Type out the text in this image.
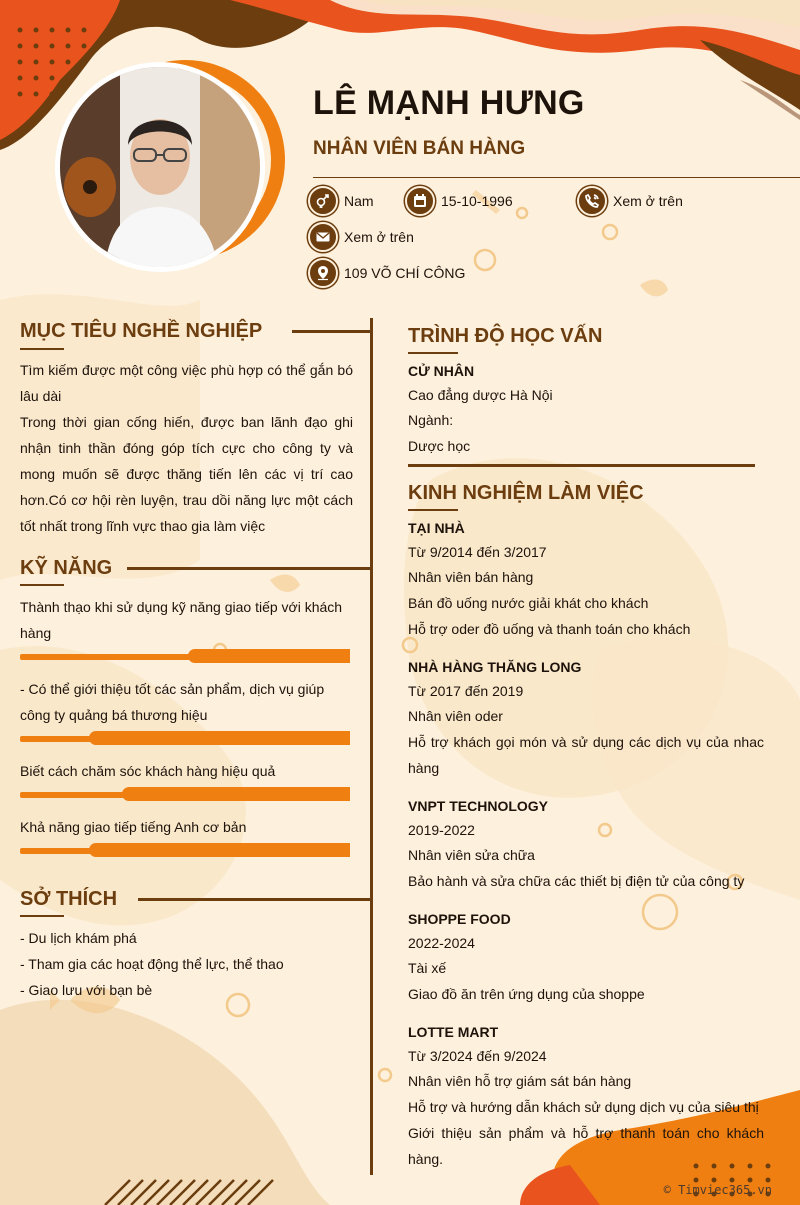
LÊ MẠNH HƯNG
NHÂN VIÊN BÁN HÀNG
Nam	15-10-1996	Xem ở trên
Xem ở trên
109 VÕ CHÍ CÔNG
MỤC TIÊU NGHỀ NGHIỆP
Tìm kiếm được một công việc phù hợp có thể gắn bó lâu dài
Trong thời gian cống hiến, được ban lãnh đạo ghi nhận tinh thần đóng góp tích cực cho công ty và mong muốn sẽ được thăng tiến lên các vị trí cao hơn.Có cơ hội rèn luyện, trau dồi năng lực một cách tốt nhất trong lĩnh vực thao gia làm việc
KỸ NĂNG
Thành thạo khi sử dụng kỹ năng giao tiếp với khách hàng
- Có thể giới thiệu tốt các sản phẩm, dịch vụ giúp công ty quảng bá thương hiệu
Biết cách chăm sóc khách hàng hiệu quả
Khả năng giao tiếp tiếng Anh cơ bản
SỞ THÍCH
- Du lịch khám phá
- Tham gia các hoạt động thể lực, thể thao
- Giao lưu với bạn bè
TRÌNH ĐỘ HỌC VẤN
CỬ NHÂN
Cao đẳng dược Hà Nội
Ngành:
Dược học
KINH NGHIỆM LÀM VIỆC
TẠI NHÀ
Từ 9/2014 đến 3/2017
Nhân viên bán hàng
Bán đồ uống nước giải khát cho khách
Hỗ trợ oder đồ uống và thanh toán cho khách
NHÀ HÀNG THĂNG LONG
Từ 2017 đến 2019
Nhân viên oder
Hỗ trợ khách gọi món và sử dụng các dịch vụ của nhac hàng
VNPT TECHNOLOGY
2019-2022
Nhân viên sửa chữa
Bảo hành và sửa chữa các thiết bị điện tử của công ty
SHOPPE FOOD
2022-2024
Tài xế
Giao đồ ăn trên ứng dụng của shoppe
LOTTE MART
Từ 3/2024 đến 9/2024
Nhân viên hỗ trợ giám sát bán hàng
Hỗ trợ và hướng dẫn khách sử dụng dịch vụ của siêu thị
Giới thiệu sản phẩm và hỗ trợ thanh toán cho khách hàng.
© Timviec365.vn
